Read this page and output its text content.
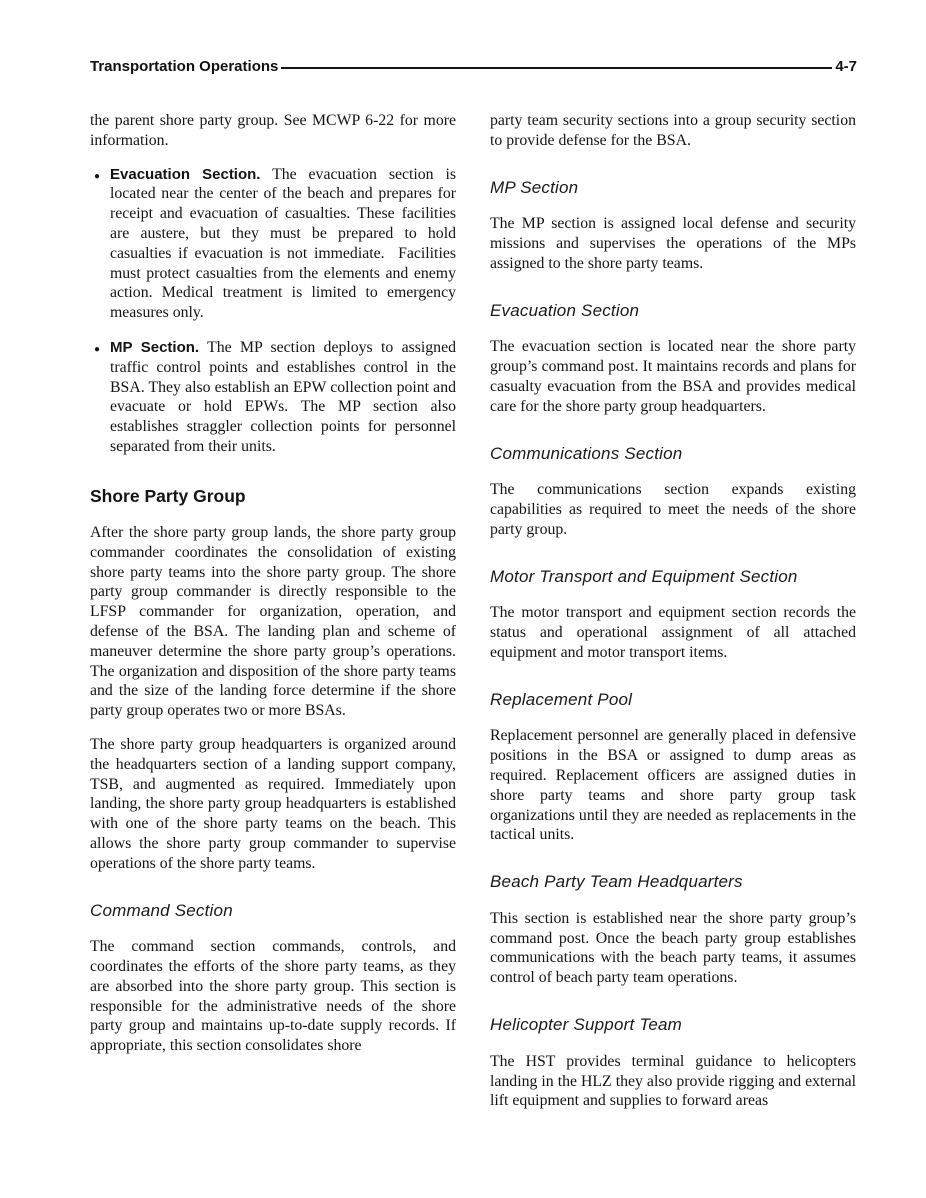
Transportation Operations	4-7

the parent shore party group. See MCWP 6-22 for more information.

● Evacuation Section. The evacuation section is located near the center of the beach and prepares for receipt and evacuation of casualties. These facilities are austere, but they must be prepared to hold casualties if evacuation is not immediate.  Facilities must protect casualties from the elements and enemy action. Medical treatment is limited to emergency measures only.
● MP Section. The MP section deploys to assigned traffic control points and establishes control in the BSA. They also establish an EPW collection point and evacuate or hold EPWs. The MP section also establishes straggler collection points for personnel separated from their units.
Shore Party Group

After the shore party group lands, the shore party group commander coordinates the consolidation of existing shore party teams into the shore party group. The shore party group commander is directly responsible to the LFSP commander for organization, operation, and defense of the BSA. The landing plan and scheme of maneuver determine the shore party group’s operations. The organization and disposition of the shore party teams and the size of the landing force determine if the shore party group operates two or more BSAs.

The shore party group headquarters is organized around the headquarters section of a landing support company, TSB, and augmented as required. Immediately upon landing, the shore party group headquarters is established with one of the shore party teams on the beach. This allows the shore party group commander to supervise operations of the shore party teams.

Command Section

The command section commands, controls, and coordinates the efforts of the shore party teams, as they are absorbed into the shore party group. This section is responsible for the administrative needs of the shore party group and maintains up-to-date supply records. If appropriate, this section consolidates shore

party team security sections into a group security section to provide defense for the BSA.

MP Section

The MP section is assigned local defense and security missions and supervises the operations of the MPs assigned to the shore party teams.

Evacuation Section

The evacuation section is located near the shore party group’s command post. It maintains records and plans for casualty evacuation from the BSA and provides medical care for the shore party group headquarters.

Communications Section

The communications section expands existing capabilities as required to meet the needs of the shore party group.

Motor Transport and Equipment Section

The motor transport and equipment section records the status and operational assignment of all attached equipment and motor transport items.

Replacement Pool

Replacement personnel are generally placed in defensive positions in the BSA or assigned to dump areas as required. Replacement officers are assigned duties in shore party teams and shore party group task organizations until they are needed as replacements in the tactical units.

Beach Party Team Headquarters

This section is established near the shore party group’s command post. Once the beach party group establishes communications with the beach party teams, it assumes control of beach party team operations.

Helicopter Support Team

The HST provides terminal guidance to helicopters landing in the HLZ they also provide rigging and external lift equipment and supplies to forward areas
